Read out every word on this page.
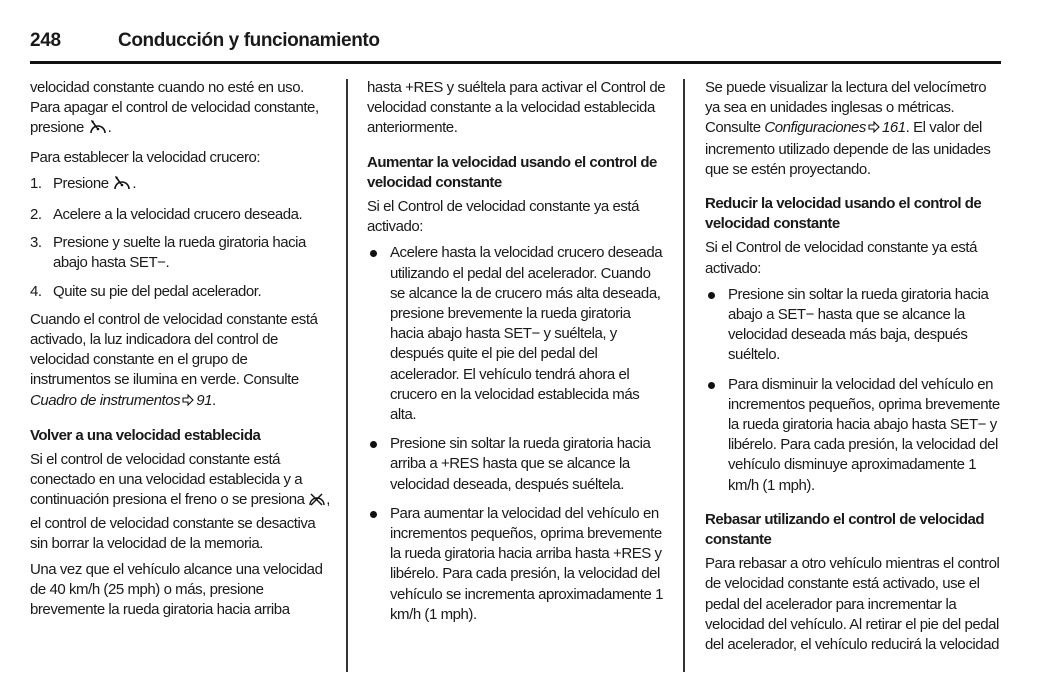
248	Conducción y funcionamiento

velocidad constante cuando no esté en uso. Para apagar el control de velocidad constante, presione .

Para establecer la velocidad crucero:

1. Presione .
2. Acelere a la velocidad crucero deseada.
3. Presione y suelte la rueda giratoria hacia abajo hasta SET−.
4. Quite su pie del pedal acelerador.

Cuando el control de velocidad constante está activado, la luz indicadora del control de velocidad constante en el grupo de instrumentos se ilumina en verde. Consulte Cuadro de instrumentos 91.

Volver a una velocidad establecida

Si el control de velocidad constante está conectado en una velocidad establecida y a continuación presiona el freno o se presiona , el control de velocidad constante se desactiva sin borrar la velocidad de la memoria.

Una vez que el vehículo alcance una velocidad de 40 km/h (25 mph) o más, presione brevemente la rueda giratoria hacia arriba

hasta +RES y suéltela para activar el Control de velocidad constante a la velocidad establecida anteriormente.

Aumentar la velocidad usando el control de velocidad constante

Si el Control de velocidad constante ya está activado:

Acelere hasta la velocidad crucero deseada utilizando el pedal del acelerador. Cuando se alcance la de crucero más alta deseada, presione brevemente la rueda giratoria hacia abajo hasta SET− y suéltela, y después quite el pie del pedal del acelerador. El vehículo tendrá ahora el crucero en la velocidad establecida más alta.
Presione sin soltar la rueda giratoria hacia arriba a +RES hasta que se alcance la velocidad deseada, después suéltela.
Para aumentar la velocidad del vehículo en incrementos pequeños, oprima brevemente la rueda giratoria hacia arriba hasta +RES y libérelo. Para cada presión, la velocidad del vehículo se incrementa aproximadamente 1 km/h (1 mph).

Se puede visualizar la lectura del velocímetro ya sea en unidades inglesas o métricas. Consulte Configuraciones 161. El valor del incremento utilizado depende de las unidades que se estén proyectando.

Reducir la velocidad usando el control de velocidad constante

Si el Control de velocidad constante ya está activado:

Presione sin soltar la rueda giratoria hacia abajo a SET− hasta que se alcance la velocidad deseada más baja, después suéltelo.
Para disminuir la velocidad del vehículo en incrementos pequeños, oprima brevemente la rueda giratoria hacia abajo hasta SET− y libérelo. Para cada presión, la velocidad del vehículo disminuye aproximadamente 1 km/h (1 mph).
Rebasar utilizando el control de velocidad constante

Para rebasar a otro vehículo mientras el control de velocidad constante está activado, use el pedal del acelerador para incrementar la velocidad del vehículo. Al retirar el pie del pedal del acelerador, el vehículo reducirá la velocidad
